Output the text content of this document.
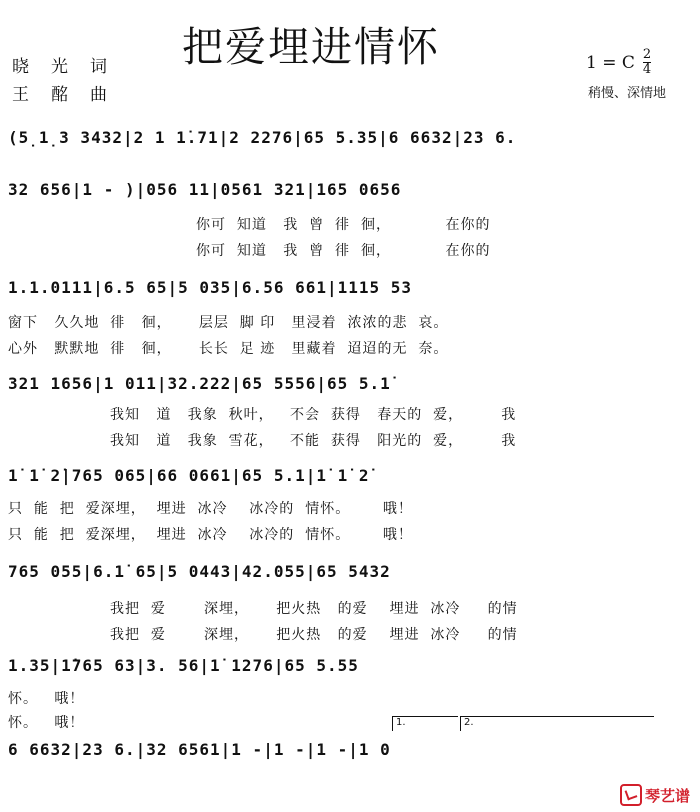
把爱埋进情怀
晓光词
王酩曲
1 = C 2
4
稍慢、深情地
(5̣1̣3 3432|2 1 1̇.71|2 2276|65 5.35|6 6632|23 6.
32 656|1 - )|056 11|0561 321|165 0656
你可  知道   我  曾  徘  徊，          在你的
你可  知道   我  曾  徘  徊，          在你的
1.1.0111|6.5 65|5 035|6.56 661|1115 53
窗下   久久地  徘   徊，     层层  脚 印   里浸着  浓浓的悲  哀。
心外   默默地  徘   徊，     长长  足 迹   里藏着  迢迢的无  奈。
321 1656|1 011|32.222|65 5556|65 5.1̇
我知   道   我象  秋叶，   不会  获得   春天的  爱，       我
我知   道   我象  雪花，   不能  获得   阳光的  爱，       我
1̇ 1̇ 2̇|765 065|66 0661|65 5.1|1̇ 1̇ 2̇
只  能  把  爱深埋，  埋进  冰冷    冰冷的  情怀。      哦！
只  能  把  爱深埋，  埋进  冰冷    冰冷的  情怀。      哦！
765 055|6.1̇ 65|5 0443|42.055|65 5432
我把  爱       深埋，     把火热   的爱    埋进  冰冷     的情
我把  爱       深埋，     把火热   的爱    埋进  冰冷     的情
1.35|1̇765 63|3. 56|1̇ 1276|65 5.55
怀。   哦！
怀。   哦！	1.	2.
6 6632|23 6.|32 6561|1 -|1 -|1 -|1 0
琴艺谱
